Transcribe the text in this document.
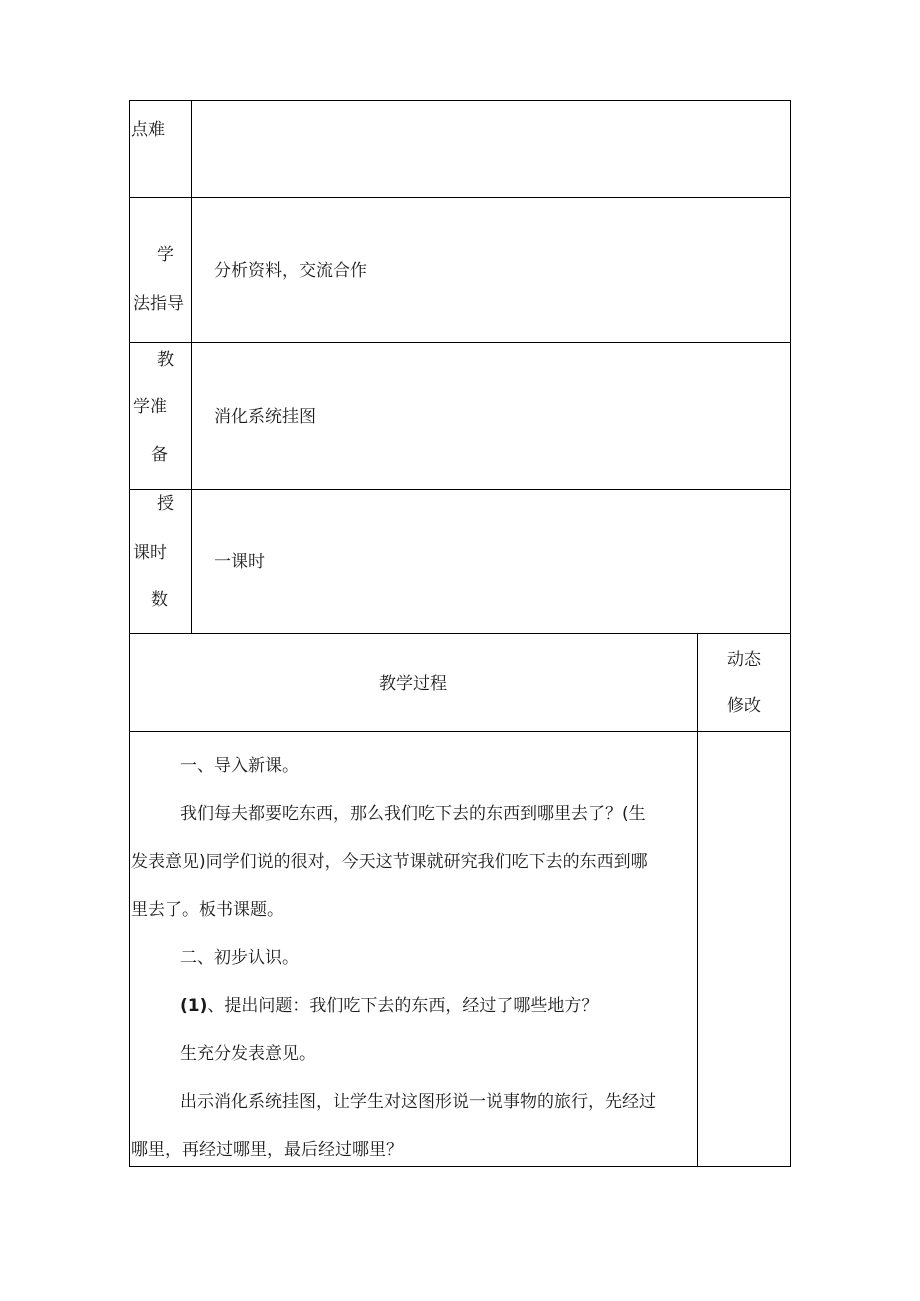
点难
学
法指导
分析资料，交流合作
教
学准
备
消化系统挂图
授
课时
数
一课时
教学过程
动态
修改
一、导入新课。
我们每夫都要吃东西，那么我们吃下去的东西到哪里去了？(生
发表意见)同学们说的很对，今天这节课就研究我们吃下去的东西到哪
里去了。板书课题。
二、初步认识。
(1)、提出问题：我们吃下去的东西，经过了哪些地方？
生充分发表意见。
出示消化系统挂图，让学生对这图形说一说事物的旅行，先经过
哪里，再经过哪里，最后经过哪里？
